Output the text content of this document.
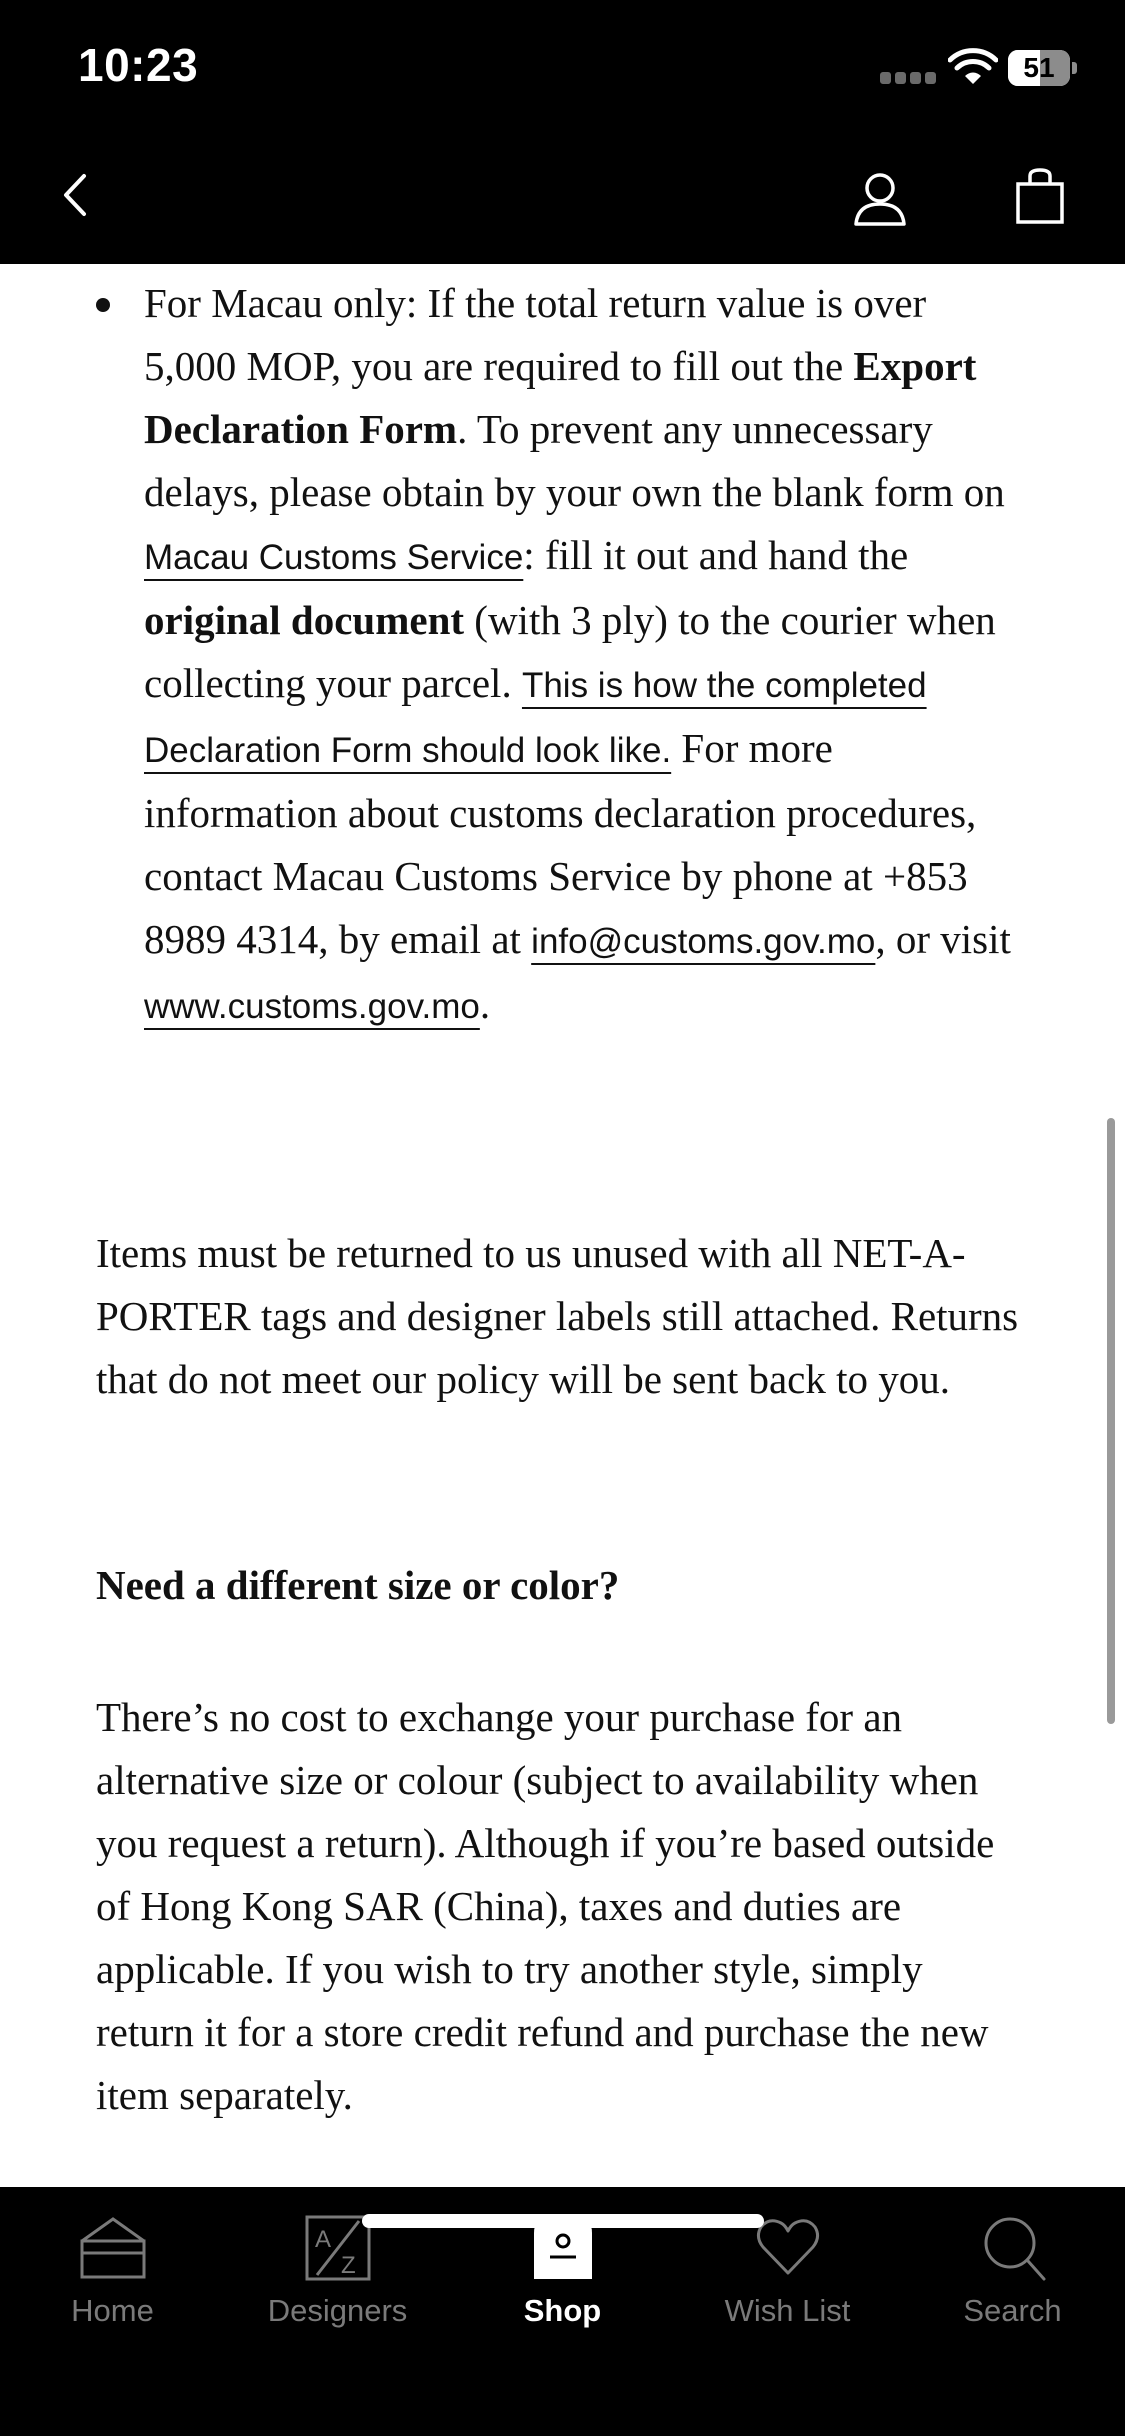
10:23	51
For Macau only: If the total return value is over 5,000 MOP, you are required to fill out the Export Declaration Form. To prevent any unnecessary delays, please obtain by your own the blank form on Macau Customs Service: fill it out and hand the original document (with 3 ply) to the courier when collecting your parcel. This is how the completed Declaration Form should look like. For more information about customs declaration procedures, contact Macau Customs Service by phone at +853 8989 4314, by email at info@customs.gov.mo, or visit www.customs.gov.mo.

Items must be returned to us unused with all NET-A-PORTER tags and designer labels still attached. Returns that do not meet our policy will be sent back to you.

Need a different size or color?

There’s no cost to exchange your purchase for an alternative size or colour (subject to availability when you request a return). Although if you’re based outside of Hong Kong SAR (China), taxes and duties are applicable. If you wish to try another style, simply return it for a store credit refund and purchase the new item separately.

Home
A
Z
Designers	Shop	Wish List	Search
